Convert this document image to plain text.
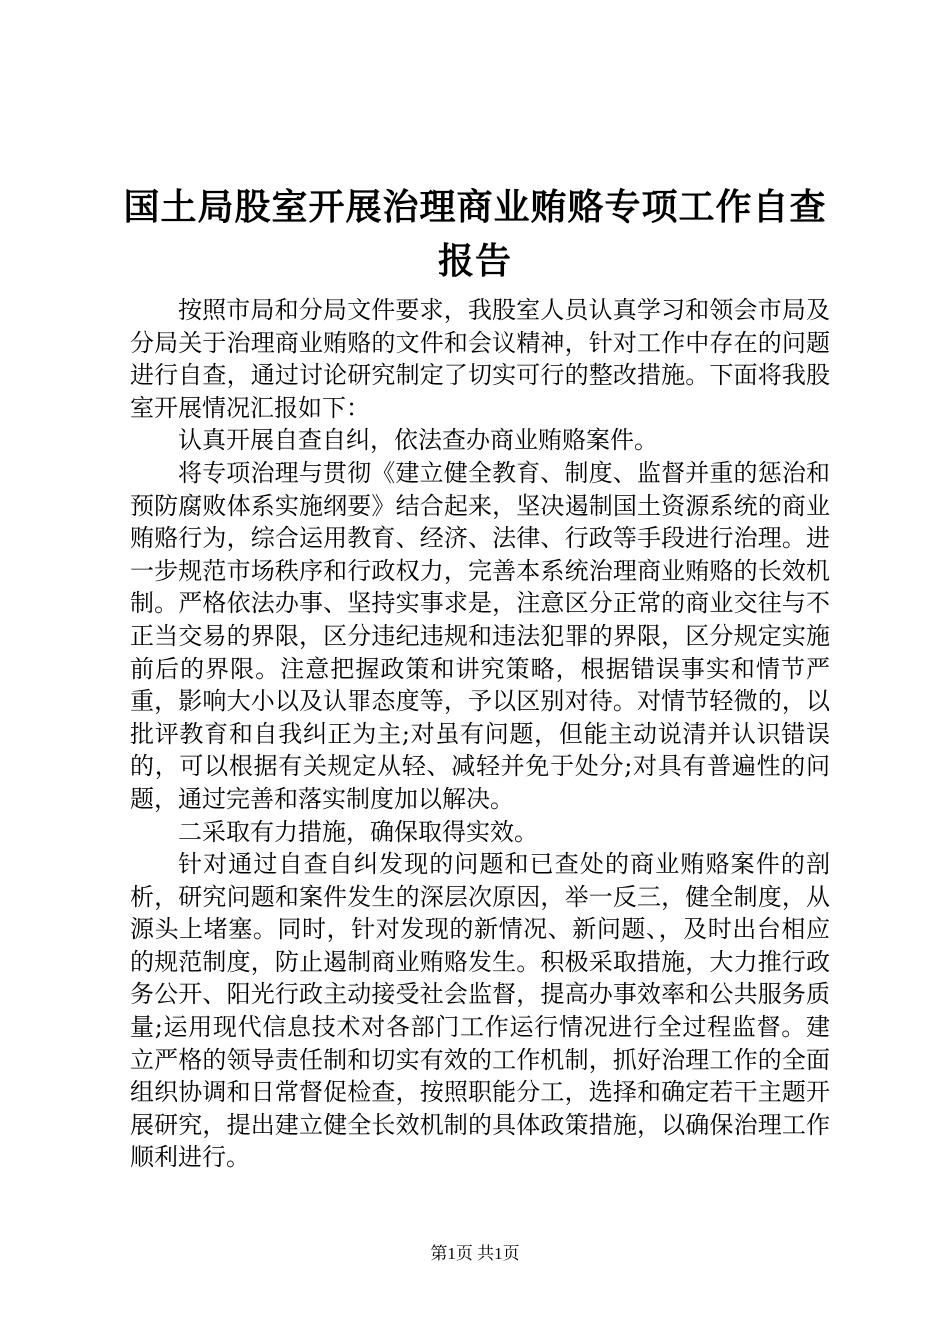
国土局股室开展治理商业贿赂专项工作自查报告

按照市局和分局文件要求，我股室人员认真学习和领会市局及分局关于治理商业贿赂的文件和会议精神，针对工作中存在的问题进行自查，通过讨论研究制定了切实可行的整改措施。下面将我股室开展情况汇报如下：

认真开展自查自纠，依法查办商业贿赂案件。

将专项治理与贯彻《建立健全教育、制度、监督并重的惩治和预防腐败体系实施纲要》结合起来，坚决遏制国土资源系统的商业贿赂行为，综合运用教育、经济、法律、行政等手段进行治理。进一步规范市场秩序和行政权力，完善本系统治理商业贿赂的长效机制。严格依法办事、坚持实事求是，注意区分正常的商业交往与不正当交易的界限，区分违纪违规和违法犯罪的界限，区分规定实施前后的界限。注意把握政策和讲究策略，根据错误事实和情节严重，影响大小以及认罪态度等，予以区别对待。对情节轻微的，以批评教育和自我纠正为主;对虽有问题，但能主动说清并认识错误的，可以根据有关规定从轻、减轻并免于处分;对具有普遍性的问题，通过完善和落实制度加以解决。

二采取有力措施，确保取得实效。

针对通过自查自纠发现的问题和已查处的商业贿赂案件的剖析，研究问题和案件发生的深层次原因，举一反三，健全制度，从源头上堵塞。同时，针对发现的新情况、新问题、，及时出台相应的规范制度，防止遏制商业贿赂发生。积极采取措施，大力推行政务公开、阳光行政主动接受社会监督，提高办事效率和公共服务质量;运用现代信息技术对各部门工作运行情况进行全过程监督。建立严格的领导责任制和切实有效的工作机制，抓好治理工作的全面组织协调和日常督促检查，按照职能分工，选择和确定若干主题开展研究，提出建立健全长效机制的具体政策措施，以确保治理工作顺利进行。

第1页 共1页
